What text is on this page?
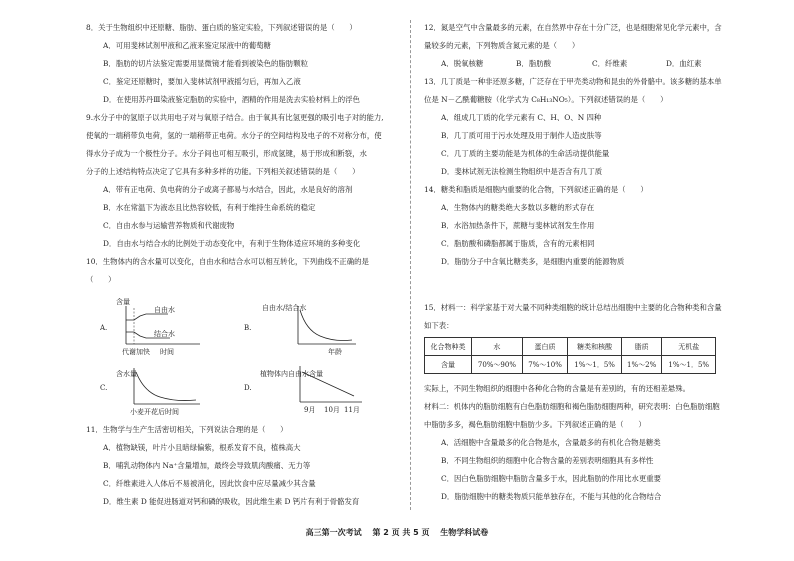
8．关于生物组织中还原糖、脂肪、蛋白质的鉴定实验，下列叙述错误的是（　　）
A．可用斐林试剂甲液和乙液来鉴定尿液中的葡萄糖
B．脂肪的切片法鉴定需要用显微镜才能看到被染色的脂肪颗粒
C．鉴定还原糖时，要加入斐林试剂甲液摇匀后，再加入乙液
D．在使用苏丹Ⅲ染液鉴定脂肪的实验中，酒精的作用是洗去实验材料上的浮色
9.水分子中的氢原子以共用电子对与氧原子结合。由于氧具有比氢更强的吸引电子对的能力,
使氧的一端稍带负电荷，氢的一端稍带正电荷。水分子的空间结构及电子的不对称分布，使
得水分子成为一个极性分子。水分子间也可相互吸引，形成氢键，易于形成和断裂，水
分子的上述结构特点决定了它具有多种多样的功能。下列相关叙述错误的是（　　）
A．带有正电荷、负电荷的分子或离子都易与水结合，因此，水是良好的溶剂
B．水在常温下为液态且比热容较低，有利于维持生命系统的稳定
C．自由水参与运输营养物质和代谢废物
D．自由水与结合水的比例处于动态变化中，有利于生物体适应环境的多种变化
10．生物体内的含水量可以变化，自由水和结合水可以相互转化，下列曲线不正确的是
（　　）
A.
含量
自由水
结合水
代谢加快 时间
B.
自由水/结合水
年龄
C.
含水量
小麦开花后时间
D.
植物体内自由水含量
9月 10月 11月
11．生物学与生产生活密切相关，下列说法合理的是（　　）
A．植物缺镁，叶片小且暗绿偏紫，根系发育不良，植株高大
B．哺乳动物体内 Na⁺含量增加，最终会导致肌肉酸痛、无力等
C．纤维素进入人体后不易被消化，因此饮食中应尽量减少其含量
D．维生素 D 能促进肠道对钙和磷的吸收，因此维生素 D 钙片有利于骨骼发育
12．氮是空气中含量最多的元素，在自然界中存在十分广泛，也是细胞常见化学元素中，含
量较多的元素，下列物质含氮元素的是（　　）
A．脱氧核糖	B．脂肪酸	C．纤维素	D．血红素
13．几丁质是一种非还原多糖，广泛存在于甲壳类动物和昆虫的外骨骼中。该多糖的基本单
位是 N－乙酰葡糖胺（化学式为 C₈H₁₃NO₅）。下列叙述错误的是（　　）
A．组成几丁质的化学元素有 C、H、O、N 四种
B．几丁质可用于污水处理及用于制作人造皮肤等
C．几丁质的主要功能是为机体的生命活动提供能量
D．斐林试剂无法检测生物组织中是否含有几丁质
14．糖类和脂质是细胞内重要的化合物，下列叙述正确的是（　　）
A．生物体内的糖类绝大多数以多糖的形式存在
B．水浴加热条件下，蔗糖与斐林试剂发生作用
C．脂肪酸和磷脂都属于脂质，含有的元素相同
D．脂肪分子中含氧比糖类多，是细胞内重要的能源物质
15．材料一：科学家基于对大量不同种类细胞的统计总结出细胞中主要的化合物种类和含量
如下表：
化合物种类	水	蛋白质	糖类和核酸	脂质	无机盐
含量	70%～90%	7%～10%	1%～1．5%	1%～2%	1%～1．5%
实际上，不同生物组织的细胞中各种化合物的含量是有差别的，有的还相差悬殊。
材料二：机体内的脂肪细胞有白色脂肪细胞和褐色脂肪细胞两种，研究表明：白色脂肪细胞
中脂肪多多，褐色脂肪细胞中脂肪少多。下列叙述正确的是（　　）
A．活细胞中含量最多的化合物是水，含量最多的有机化合物是糖类
B．不同生物组织的细胞中化合物含量的差别表明细胞具有多样性
C．因白色脂肪细胞中脂肪含量多于水，因此脂肪的作用比水更重要
D．脂肪细胞中的糖类物质只能单独存在，不能与其他的化合物结合
高三第一次考试　 第 2 页 共 5 页　 生物学科试卷
